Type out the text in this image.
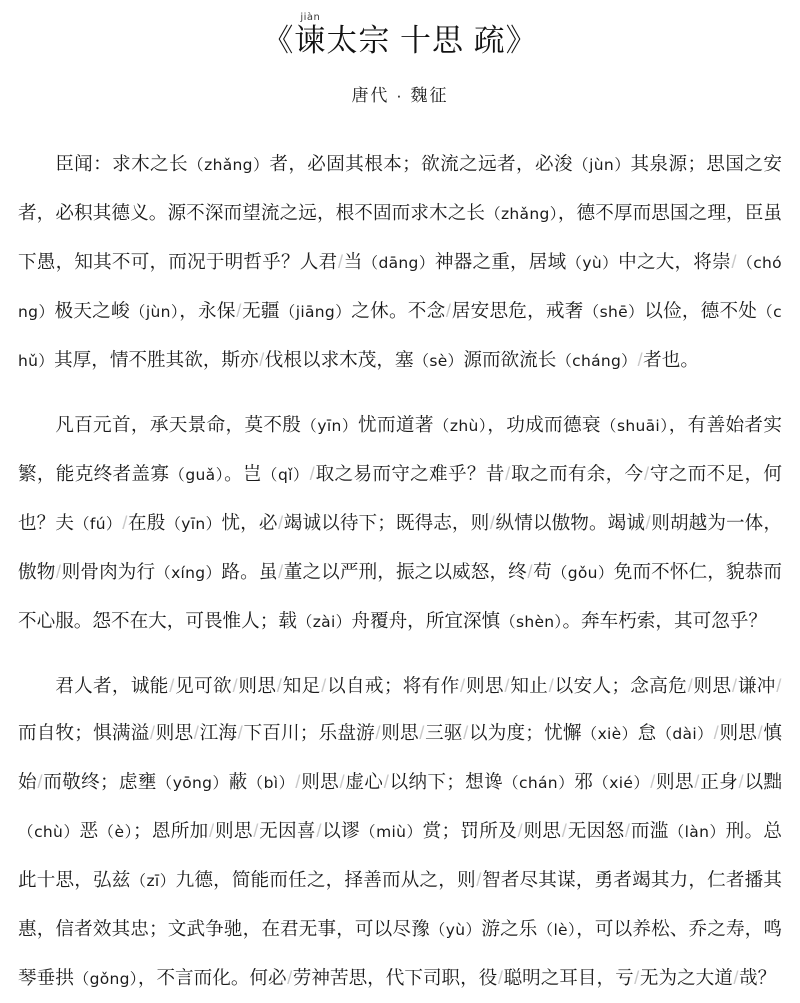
《谏jiàn太宗 十思 疏》
唐代 · 魏征

臣闻：求木之长（zhǎng）者，必固其根本；欲流之远者，必浚（jùn）其泉源；思国之安者，必积其德义。源不深而望流之远，根不固而求木之长（zhǎng），德不厚而思国之理，臣虽下愚，知其不可，而况于明哲乎？人君/当（dāng）神器之重，居域（yù）中之大，将崇/（chóng）极天之峻（jùn），永保/无疆（jiāng）之休。不念/居安思危，戒奢（shē）以俭，德不处（chǔ）其厚，情不胜其欲，斯亦/伐根以求木茂，塞（sè）源而欲流长（cháng）/者也。

凡百元首，承天景命，莫不殷（yīn）忧而道著（zhù），功成而德衰（shuāi），有善始者实繁，能克终者盖寡（guǎ）。岂（qǐ）/取之易而守之难乎？昔/取之而有余，今/守之而不足，何也？夫（fú）/在殷（yīn）忧，必/竭诚以待下；既得志，则/纵情以傲物。竭诚/则胡越为一体，傲物/则骨肉为行（xíng）路。虽/董之以严刑，振之以威怒，终/苟（gǒu）免而不怀仁，貌恭而不心服。怨不在大，可畏惟人；载（zài）舟覆舟，所宜深慎（shèn）。奔车朽索，其可忽乎？

君人者，诚能/见可欲/则思/知足/以自戒；将有作/则思/知止/以安人；念高危/则思/谦冲/而自牧；惧满溢/则思/江海/下百川；乐盘游/则思/三驱/以为度；忧懈（xiè）怠（dài）/则思/慎始/而敬终；虑壅（yōng）蔽（bì）/则思/虚心/以纳下；想谗（chán）邪（xié）/则思/正身/以黜（chù）恶（è）；恩所加/则思/无因喜/以谬（miù）赏；罚所及/则思/无因怒/而滥（làn）刑。总此十思，弘兹（zī）九德，简能而任之，择善而从之，则/智者尽其谋，勇者竭其力，仁者播其惠，信者效其忠；文武争驰，在君无事，可以尽豫（yù）游之乐（lè），可以养松、乔之寿，鸣琴垂拱（gǒng），不言而化。何必/劳神苦思，代下司职，役/聪明之耳目，亏/无为之大道/哉？
